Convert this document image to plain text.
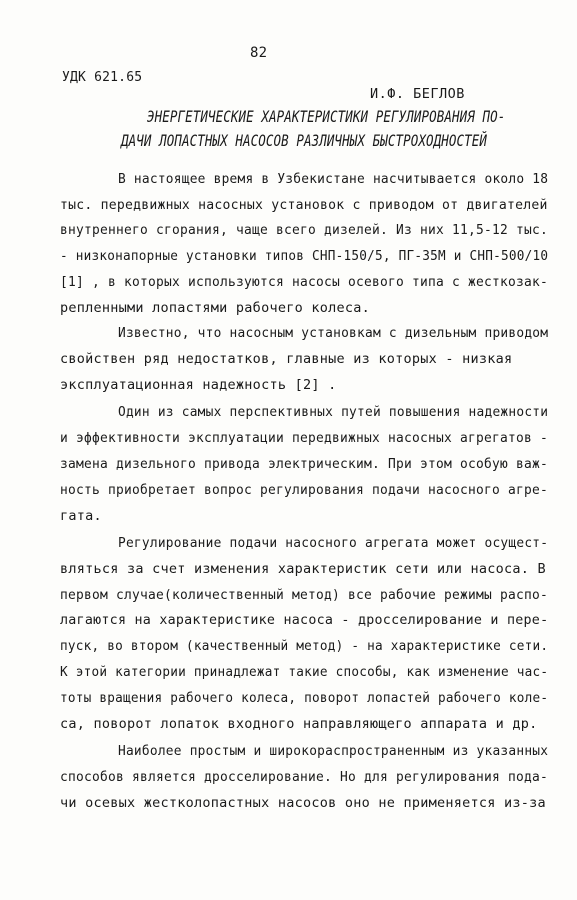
82
УДК 621.65
И.Ф. БЕГЛОВ
ЭНЕРГЕТИЧЕСКИЕ ХАРАКТЕРИСТИКИ РЕГУЛИРОВАНИЯ ПО-
ДАЧИ ЛОПАСТНЫХ НАСОСОВ РАЗЛИЧНЫХ БЫСТРОХОДНОСТЕЙ
В настоящее время в Узбекистане насчитывается около 18
тыс. передвижных насосных установок с приводом от двигателей
внутреннего сгорания, чаще всего дизелей. Из них 11,5-12 тыс.
- низконапорные установки типов СНП-150/5, ПГ-35М и СНП-500/10
[1] , в которых используются насосы осевого типа с жесткозак-
репленными лопастями рабочего колеса.
Известно, что насосным установкам с дизельным приводом
свойствен ряд недостатков, главные из которых - низкая
эксплуатационная надежность [2] .
Один из самых перспективных путей повышения надежности
и эффективности эксплуатации передвижных насосных агрегатов -
замена дизельного привода электрическим. При этом особую важ-
ность приобретает вопрос регулирования подачи насосного агре-
гата.
Регулирование подачи насосного агрегата может осущест-
вляться за счет изменения характеристик сети или насоса. В
первом случае(количественный метод) все рабочие режимы распо-
лагаются на характеристике насоса - дросселирование и пере-
пуск, во втором (качественный метод) - на характеристике сети.
К этой категории принадлежат такие способы, как изменение час-
тоты вращения рабочего колеса, поворот лопастей рабочего коле-
са, поворот лопаток входного направляющего аппарата и др.
Наиболее простым и широкораспространенным из указанных
способов является дросселирование. Но для регулирования пода-
чи осевых жестколопастных насосов оно не применяется из-за
